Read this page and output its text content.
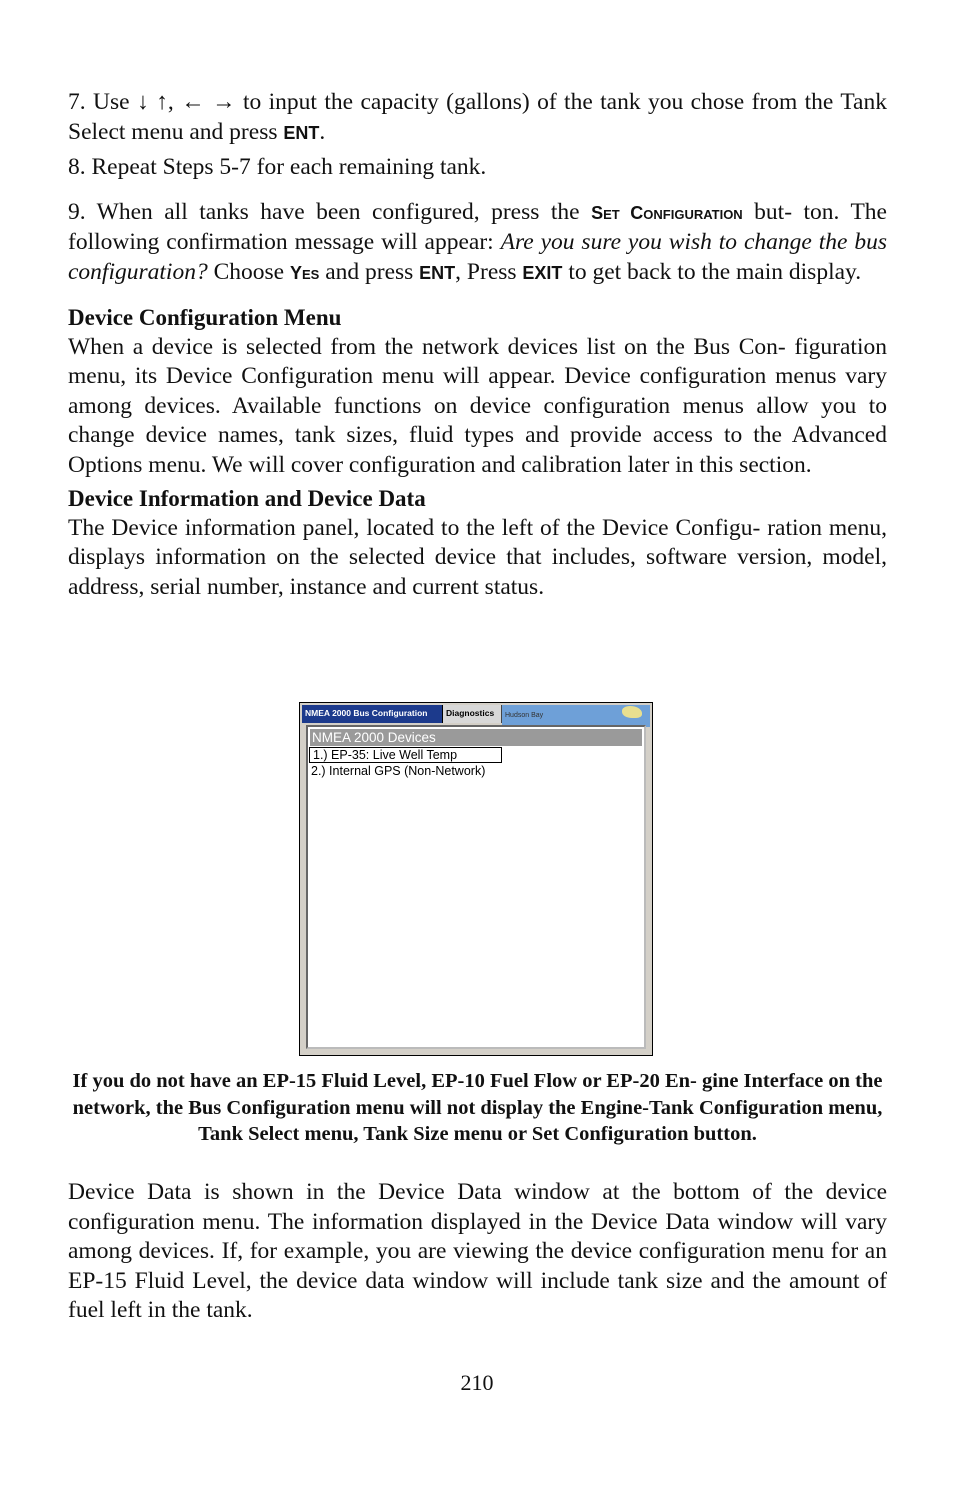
7. Use ↓ ↑, ← → to input the capacity (gallons) of the tank you chose from the Tank Select menu and press ENT.

8. Repeat Steps 5-7 for each remaining tank.

9. When all tanks have been configured, press the Set Configuration but- ton. The following confirmation message will appear: Are you sure you wish to change the bus configuration? Choose Yes and press ENT, Press EXIT to get back to the main display.

Device Configuration Menu

When a device is selected from the network devices list on the Bus Con- figuration menu, its Device Configuration menu will appear. Device configuration menus vary among devices. Available functions on device configuration menus allow you to change device names, tank sizes, fluid types and provide access to the Advanced Options menu. We will cover configuration and calibration later in this section.

Device Information and Device Data

The Device information panel, located to the left of the Device Configu- ration menu, displays information on the selected device that includes, software version, model, address, serial number, instance and current status.

NMEA 2000 Bus Configuration	Diagnostics	Hudson Bay
NMEA 2000 Devices
1.) EP-35: Live Well Temp
2.) Internal GPS (Non-Network)

If you do not have an EP-15 Fluid Level, EP-10 Fuel Flow or EP-20 En- gine Interface on the network, the Bus Configuration menu will not display the Engine-Tank Configuration menu, Tank Select menu, Tank Size menu or Set Configuration button.

Device Data is shown in the Device Data window at the bottom of the device configuration menu. The information displayed in the Device Data window will vary among devices. If, for example, you are viewing the device configuration menu for an EP-15 Fluid Level, the device data window will include tank size and the amount of fuel left in the tank.

210
